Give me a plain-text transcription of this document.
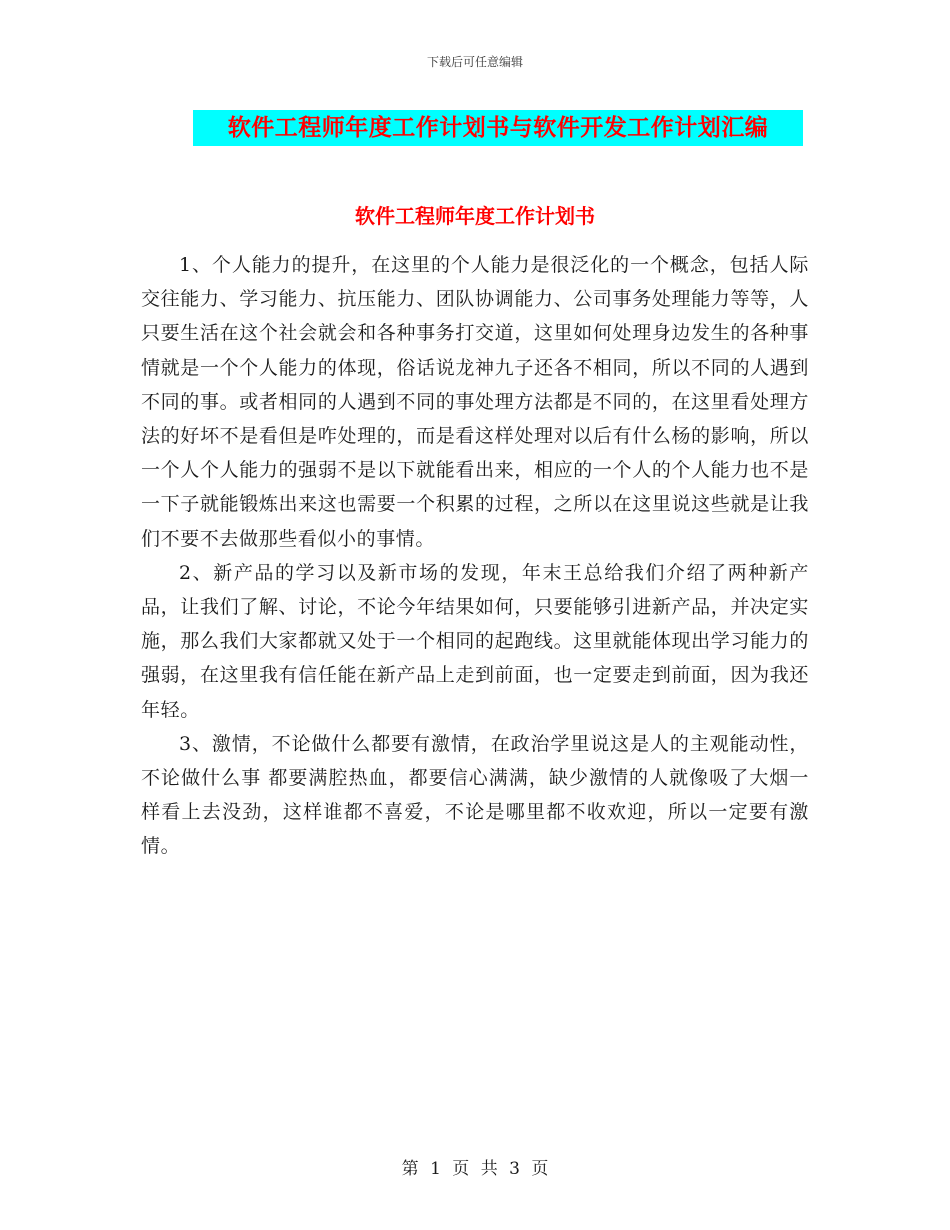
下载后可任意编辑
软件工程师年度工作计划书与软件开发工作计划汇编
软件工程师年度工作计划书

1、个人能力的提升，在这里的个人能力是很泛化的一个概念，包括人际交往能力、学习能力、抗压能力、团队协调能力、公司事务处理能力等等，人只要生活在这个社会就会和各种事务打交道，这里如何处理身边发生的各种事情就是一个个人能力的体现，俗话说龙神九子还各不相同，所以不同的人遇到不同的事。或者相同的人遇到不同的事处理方法都是不同的，在这里看处理方法的好坏不是看但是咋处理的，而是看这样处理对以后有什么杨的影响，所以一个人个人能力的强弱不是以下就能看出来，相应的一个人的个人能力也不是一下子就能锻炼出来这也需要一个积累的过程，之所以在这里说这些就是让我们不要不去做那些看似小的事情。

2、新产品的学习以及新市场的发现，年末王总给我们介绍了两种新产品，让我们了解、讨论，不论今年结果如何，只要能够引进新产品，并决定实施，那么我们大家都就又处于一个相同的起跑线。这里就能体现出学习能力的强弱，在这里我有信任能在新产品上走到前面，也一定要走到前面，因为我还年轻。

3、激情，不论做什么都要有激情，在政治学里说这是人的主观能动性，不论做什么事 都要满腔热血，都要信心满满，缺少激情的人就像吸了大烟一样看上去没劲，这样谁都不喜爱，不论是哪里都不收欢迎，所以一定要有激情。

第 1 页 共 3 页
